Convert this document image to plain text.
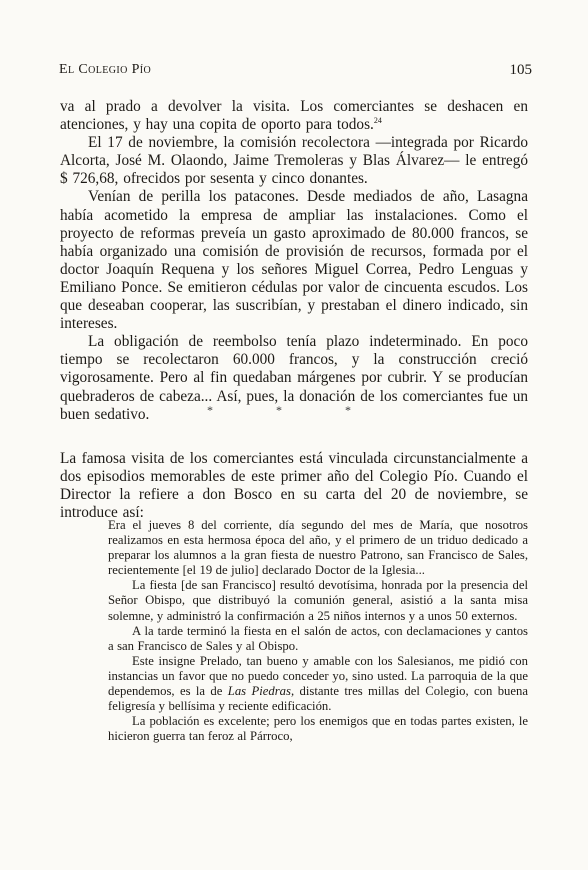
El Colegio Pío	105

va al prado a devolver la visita. Los comerciantes se deshacen en atenciones, y hay una copita de oporto para todos.$^{24}$

El 17 de noviembre, la comisión recolectora —integrada por Ricardo Alcorta, José M. Olaondo, Jaime Tremoleras y Blas Álvarez— le entregó $ 726,68, ofrecidos por sesenta y cinco donantes.

Venían de perilla los patacones. Desde mediados de año, Lasagna había acometido la empresa de ampliar las instalaciones. Como el proyecto de reformas preveía un gasto aproximado de 80.000 francos, se había organizado una comisión de provisión de recursos, formada por el doctor Joaquín Requena y los señores Miguel Correa, Pedro Lenguas y Emiliano Ponce. Se emitieron cédulas por valor de cincuenta escudos. Los que deseaban cooperar, las suscribían, y prestaban el dinero indicado, sin intereses.

La obligación de reembolso tenía plazo indeterminado. En poco tiempo se recolectaron 60.000 francos, y la construcción creció vigorosamente. Pero al fin quedaban márgenes por cubrir. Y se producían quebraderos de cabeza... Así, pues, la donación de los comerciantes fue un buen sedativo.	* * *

La famosa visita de los comerciantes está vinculada circunstancialmente a dos episodios memorables de este primer año del Colegio Pío. Cuando el Director la refiere a don Bosco en su carta del 20 de noviembre, se introduce así:

Era el jueves 8 del corriente, día segundo del mes de María, que nosotros realizamos en esta hermosa época del año, y el primero de un triduo dedicado a preparar los alumnos a la gran fiesta de nuestro Patrono, san Francisco de Sales, recientemente [el 19 de julio] declarado Doctor de la Iglesia...

La fiesta [de san Francisco] resultó devotísima, honrada por la presencia del Señor Obispo, que distribuyó la comunión general, asistió a la santa misa solemne, y administró la confirmación a 25 niños internos y a unos 50 externos.

A la tarde terminó la fiesta en el salón de actos, con declamaciones y cantos a san Francisco de Sales y al Obispo.

Este insigne Prelado, tan bueno y amable con los Salesianos, me pidió con instancias un favor que no puedo conceder yo, sino usted. La parroquia de la que dependemos, es la de Las Piedras, distante tres millas del Colegio, con buena feligresía y bellísima y reciente edificación.

La población es excelente; pero los enemigos que en todas partes existen, le hicieron guerra tan feroz al Párroco,
